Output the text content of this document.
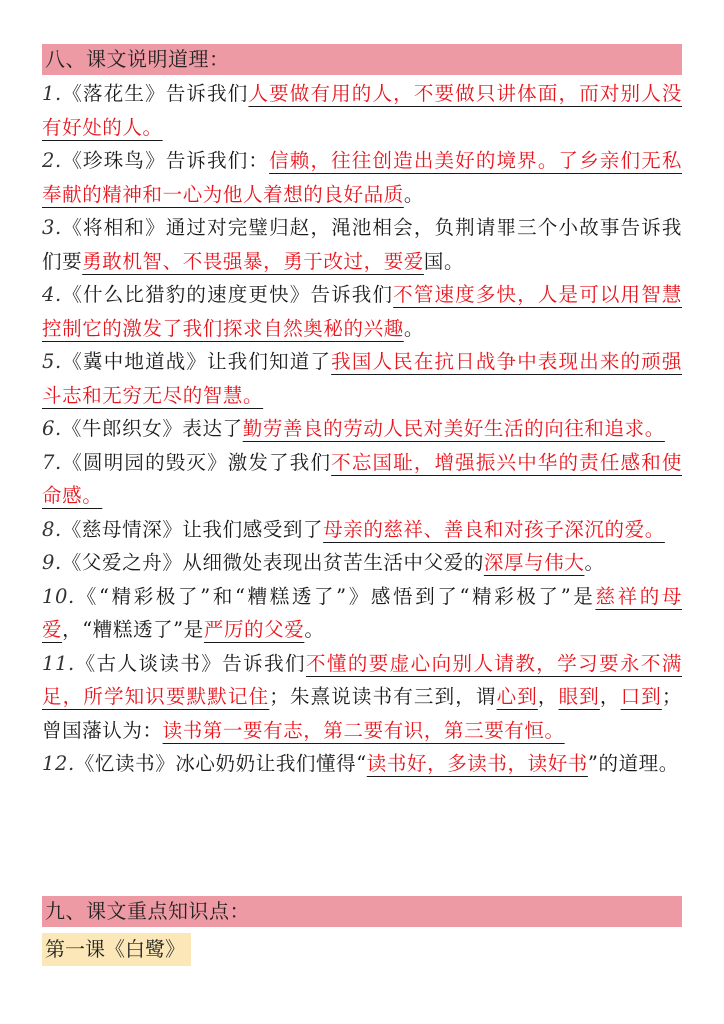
八、课文说明道理：
1.《落花生》告诉我们人要做有用的人，不要做只讲体面，而对别人没有好处的人。
2.《珍珠鸟》告诉我们：信赖，往往创造出美好的境界。了乡亲们无私奉献的精神和一心为他人着想的良好品质。
3.《将相和》通过对完璧归赵，渑池相会，负荆请罪三个小故事告诉我们要勇敢机智、不畏强暴，勇于改过，要爱国。
4.《什么比猎豹的速度更快》告诉我们不管速度多快，人是可以用智慧控制它的激发了我们探求自然奥秘的兴趣。
5.《冀中地道战》让我们知道了我国人民在抗日战争中表现出来的顽强斗志和无穷无尽的智慧。
6.《牛郎织女》表达了勤劳善良的劳动人民对美好生活的向往和追求。
7.《圆明园的毁灭》激发了我们不忘国耻，增强振兴中华的责任感和使命感。
8.《慈母情深》让我们感受到了母亲的慈祥、善良和对孩子深沉的爱。
9.《父爱之舟》从细微处表现出贫苦生活中父爱的深厚与伟大。
10.《“精彩极了”和“糟糕透了”》感悟到了“精彩极了”是慈祥的母爱，“糟糕透了”是严厉的父爱。
11.《古人谈读书》告诉我们不懂的要虚心向别人请教，学习要永不满足，所学知识要默默记住；朱熹说读书有三到，谓心到，眼到，口到；曾国藩认为：读书第一要有志，第二要有识，第三要有恒。
12.《忆读书》冰心奶奶让我们懂得“读书好，多读书，读好书”的道理。
九、课文重点知识点：
第一课《白鹭》
